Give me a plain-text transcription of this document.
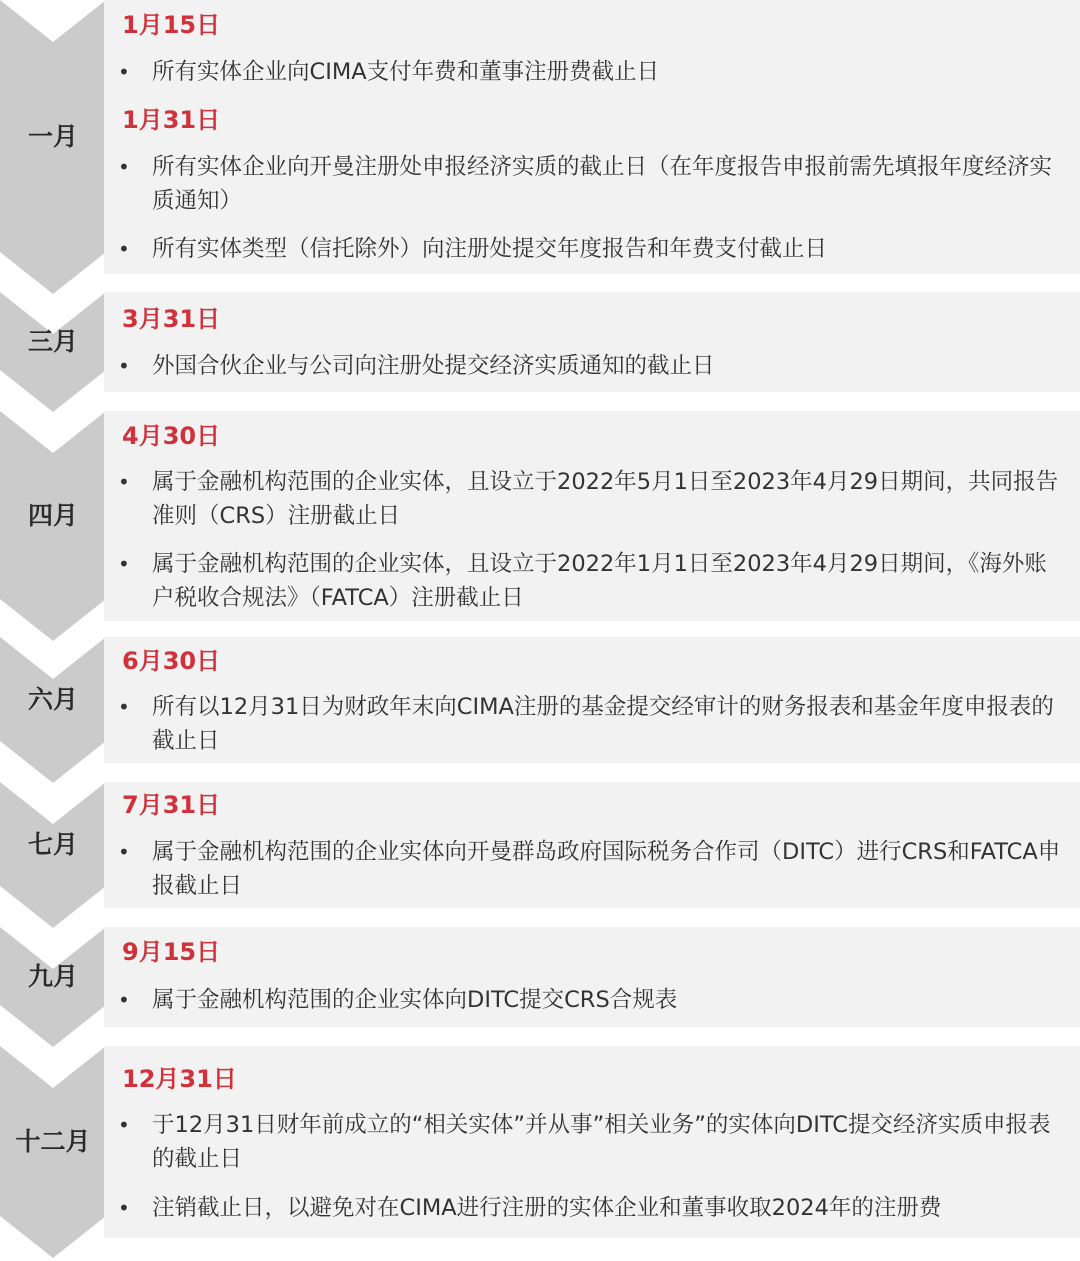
一月
1月15日
• 所有实体企业向CIMA支付年费和董事注册费截止日
1月31日
• 所有实体企业向开曼注册处申报经济实质的截止日（在年度报告申报前需先填报年度经济实质通知）
• 所有实体类型（信托除外）向注册处提交年度报告和年费支付截止日
三月
3月31日
• 外国合伙企业与公司向注册处提交经济实质通知的截止日
四月
4月30日
• 属于金融机构范围的企业实体，且设立于2022年5月1日至2023年4月29日期间，共同报告准则（CRS）注册截止日
• 属于金融机构范围的企业实体，且设立于2022年1月1日至2023年4月29日期间，《海外账户税收合规法》（FATCA）注册截止日
六月
6月30日
• 所有以12月31日为财政年末向CIMA注册的基金提交经审计的财务报表和基金年度申报表的截止日
七月
7月31日
• 属于金融机构范围的企业实体向开曼群岛政府国际税务合作司（DITC）进行CRS和FATCA申报截止日
九月
9月15日
• 属于金融机构范围的企业实体向DITC提交CRS合规表
十二月
12月31日
• 于12月31日财年前成立的“相关实体”并从事”相关业务”的实体向DITC提交经济实质申报表的截止日
• 注销截止日，以避免对在CIMA进行注册的实体企业和董事收取2024年的注册费
